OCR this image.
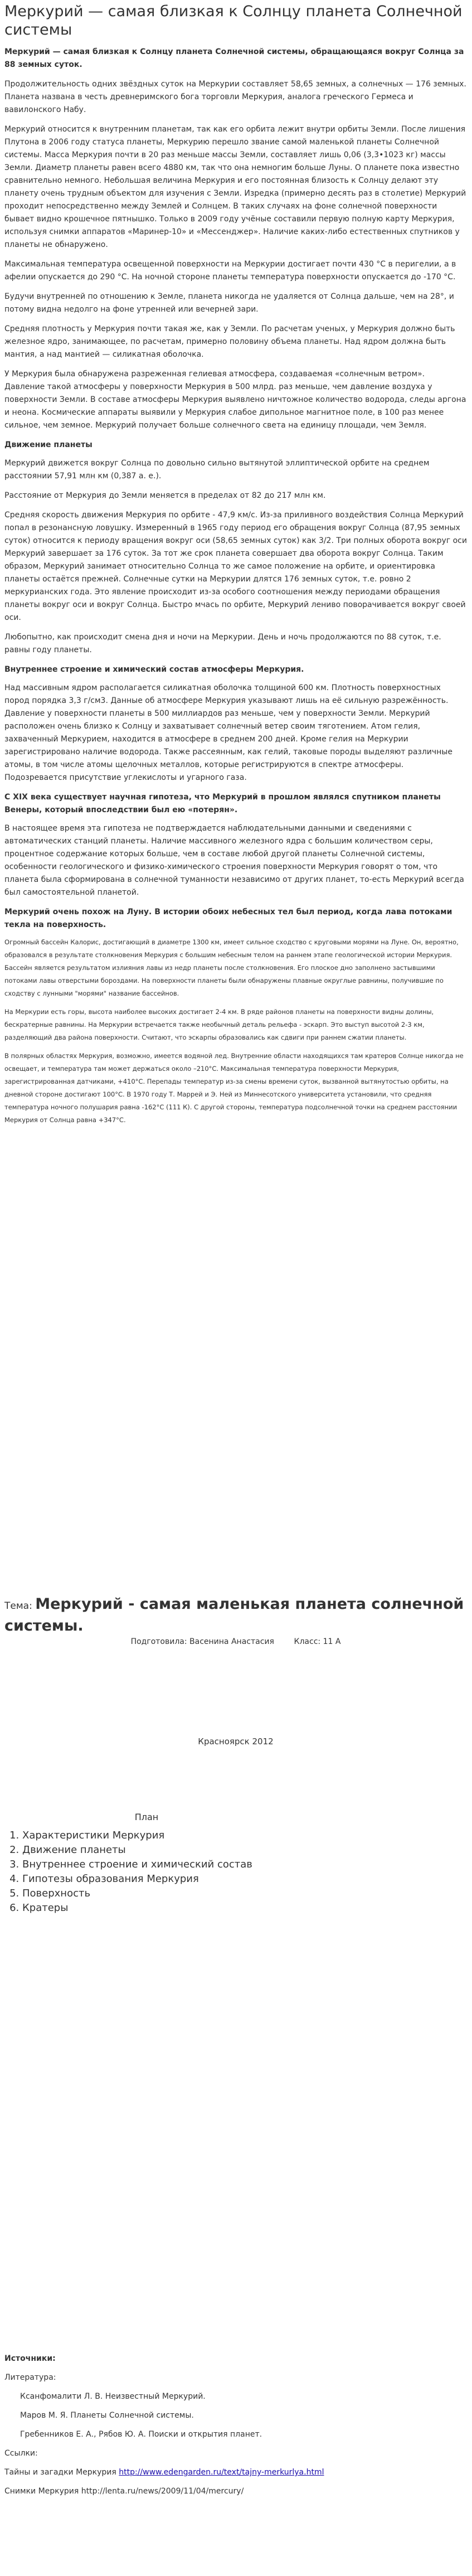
Меркурий — самая близкая к Солнцу планета Солнечной системы

Меркурий — самая близкая к Солнцу планета Солнечной системы, обращающаяся вокруг Солнца за 88 земных суток.

Продолжительность одних звёздных суток на Меркурии составляет 58,65 земных, а солнечных — 176 земных. Планета названа в честь древнеримского бога торговли Меркурия, аналога греческого Гермеса и вавилонского Набу.

Меркурий относится к внутренним планетам, так как его орбита лежит внутри орбиты Земли. После лишения Плутона в 2006 году статуса планеты, Меркурию перешло звание самой маленькой планеты Солнечной системы. Масса Меркурия почти в 20 раз меньше массы Земли, составляет лишь 0,06 (3,3•1023 кг) массы Земли. Диаметр планеты равен всего 4880 км, так что она немногим больше Луны. О планете пока известно сравнительно немного. Небольшая величина Меркурия и его постоянная близость к Солнцу делают эту планету очень трудным объектом для изучения с Земли. Изредка (примерно десять раз в столетие) Меркурий проходит непосредственно между Землей и Солнцем. В таких случаях на фоне солнечной поверхности бывает видно крошечное пятнышко. Только в 2009 году учёные составили первую полную карту Меркурия, используя снимки аппаратов «Маринер-10» и «Мессенджер». Наличие каких-либо естественных спутников у планеты не обнаружено.

Максимальная температура освещенной поверхности на Меркурии достигает почти 430 °C в перигелии, а в афелии опускается до 290 °C. На ночной стороне планеты температура поверхности опускается до -170 °C.

Будучи внутренней по отношению к Земле, планета никогда не удаляется от Солнца дальше, чем на 28°, и потому видна недолго на фоне утренней или вечерней зари.

Средняя плотность у Меркурия почти такая же, как у Земли. По расчетам ученых, у Меркурия должно быть железное ядро, занимающее, по расчетам, примерно половину объема планеты. Над ядром должна быть мантия, а над мантией — силикатная оболочка.

У Меркурия была обнаружена разреженная гелиевая атмосфера, создаваемая «солнечным ветром». Давление такой атмосферы у поверхности Меркурия в 500 млрд. раз меньше, чем давление воздуха у поверхности Земли. В составе атмосферы Меркурия выявлено ничтожное количество водорода, следы аргона и неона. Космические аппараты выявили у Меркурия слабое дипольное магнитное поле, в 100 раз менее сильное, чем земное. Меркурий получает больше солнечного света на единицу площади, чем Земля.

Движение планеты

Меркурий движется вокруг Солнца по довольно сильно вытянутой эллиптической орбите на среднем расстоянии 57,91 млн км (0,387 а. е.).

Расстояние от Меркурия до Земли меняется в пределах от 82 до 217 млн км.

Средняя скорость движения Меркурия по орбите - 47,9 км/с. Из-за приливного воздействия Солнца Меркурий попал в резонансную ловушку. Измеренный в 1965 году период его обращения вокруг Солнца (87,95 земных суток) относится к периоду вращения вокруг оси (58,65 земных суток) как 3/2. Три полных оборота вокруг оси Меркурий завершает за 176 суток. За тот же срок планета совершает два оборота вокруг Солнца. Таким образом, Меркурий занимает относительно Солнца то же самое положение на орбите, и ориентировка планеты остаётся прежней. Солнечные сутки на Меркурии длятся 176 земных суток, т.е. ровно 2 меркурианских года. Это явление происходит из-за особого соотношения между периодами обращения планеты вокруг оси и вокруг Солнца. Быстро мчась по орбите, Меркурий лениво поворачивается вокруг своей оси.

Любопытно, как происходит смена дня и ночи на Меркурии. День и ночь продолжаются по 88 суток, т.е. равны году планеты.

Внутреннее строение и химический состав атмосферы Меркурия.

Над массивным ядром располагается силикатная оболочка толщиной 600 км. Плотность поверхностных пород порядка 3,3 г/см3. Данные об атмосфере Меркурия указывают лишь на её сильную разрежённость. Давление у поверхности планеты в 500 миллиардов раз меньше, чем у поверхности Земли. Меркурий расположен очень близко к Солнцу и захватывает солнечный ветер своим тяготением. Атом гелия, захваченный Меркурием, находится в атмосфере в среднем 200 дней. Кроме гелия на Меркурии зарегистрировано наличие водорода. Также рассеянным, как гелий, таковые породы выделяют различные атомы, в том числе атомы щелочных металлов, которые регистрируются в спектре атмосферы. Подозревается присутствие углекислоты и угарного газа.

С XIX века существует научная гипотеза, что Меркурий в прошлом являлся спутником планеты Венеры, который впоследствии был ею «потерян».

В настоящее время эта гипотеза не подтверждается наблюдательными данными и сведениями с автоматических станций планеты. Наличие массивного железного ядра с большим количеством серы, процентное содержание которых больше, чем в составе любой другой планеты Солнечной системы, особенности геологического и физико-химического строения поверхности Меркурия говорят о том, что планета была сформирована в солнечной туманности независимо от других планет, то-есть Меркурий всегда был самостоятельной планетой.

Меркурий очень похож на Луну. В истории обоих небесных тел был период, когда лава потоками текла на поверхность.

Огромный бассейн Калорис, достигающий в диаметре 1300 км, имеет сильное сходство с круговыми морями на Луне. Он, вероятно, образовался в результате столкновения Меркурия с большим небесным телом на раннем этапе геологической истории Меркурия. Бассейн является результатом излияния лавы из недр планеты после столкновения. Его плоское дно заполнено застывшими потоками лавы отверстыми бороздами. На поверхности планеты были обнаружены плавные округлые равнины, получившие по сходству с лунными "морями" название бассейнов.

На Меркурии есть горы, высота наиболее высоких достигает 2-4 км. В ряде районов планеты на поверхности видны долины, бескратерные равнины. На Меркурии встречается также необычный деталь рельефа - эскарп. Это выступ высотой 2-3 км, разделяющий два района поверхности. Считают, что эскарпы образовались как сдвиги при раннем сжатии планеты.

В полярных областях Меркурия, возможно, имеется водяной лед. Внутренние области находящихся там кратеров Солнце никогда не освещает, и температура там может держаться около –210°С. Максимальная температура поверхности Меркурия, зарегистрированная датчиками, +410°С. Перепады температур из-за смены времени суток, вызванной вытянутостью орбиты, на дневной стороне достигают 100°С. В 1970 году Т. Маррей и Э. Ней из Миннесотского университета установили, что средняя температура ночного полушария равна -162°С (111 К). С другой стороны, температура подсолнечной точки на среднем расстоянии Меркурия от Солнца равна +347°С.

Тема: Меркурий - самая маленькая планета солнечной системы.
Подготовила: Васенина Анастасия	Класс: 11 А
Красноярск 2012
План
1. Характеристики Меркурия
2. Движение планеты
3. Внутреннее строение и химический состав
4. Гипотезы образования Меркурия
5. Поверхность
6. Кратеры

Источники:

Литература:

Ксанфомалити Л. В. Неизвестный Меркурий.

Маров М. Я. Планеты Солнечной системы.

Гребенников Е. А., Рябов Ю. А. Поиски и открытия планет.

Ссылки:

Тайны и загадки Меркурия http://www.edengarden.ru/text/tajny-merkurlya.html

Снимки Меркурия http://lenta.ru/news/2009/11/04/mercury/
